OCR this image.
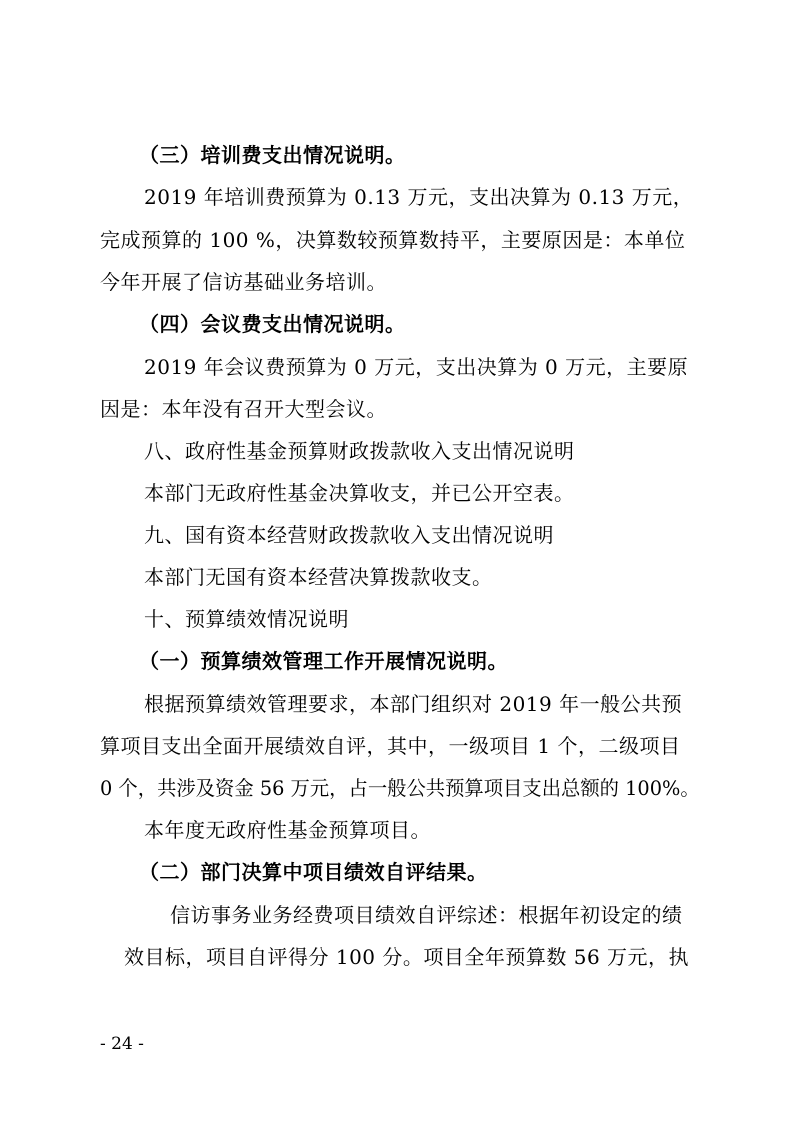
（三）培训费支出情况说明。
2019 年培训费预算为 0.13 万元，支出决算为 0.13 万元，
完成预算的 100 %，决算数较预算数持平，主要原因是：本单位
今年开展了信访基础业务培训。
（四）会议费支出情况说明。
2019 年会议费预算为 0 万元，支出决算为 0 万元，主要原
因是：本年没有召开大型会议。
八、政府性基金预算财政拨款收入支出情况说明
本部门无政府性基金决算收支，并已公开空表。
九、国有资本经营财政拨款收入支出情况说明
本部门无国有资本经营决算拨款收支。
十、预算绩效情况说明
（一）预算绩效管理工作开展情况说明。
根据预算绩效管理要求，本部门组织对 2019 年一般公共预
算项目支出全面开展绩效自评，其中，一级项目 1 个，二级项目
0 个，共涉及资金 56 万元，占一般公共预算项目支出总额的 100%。
本年度无政府性基金预算项目。
（二）部门决算中项目绩效自评结果。
信访事务业务经费项目绩效自评综述：根据年初设定的绩
效目标，项目自评得分 100 分。项目全年预算数 56 万元，执
- 24 -
